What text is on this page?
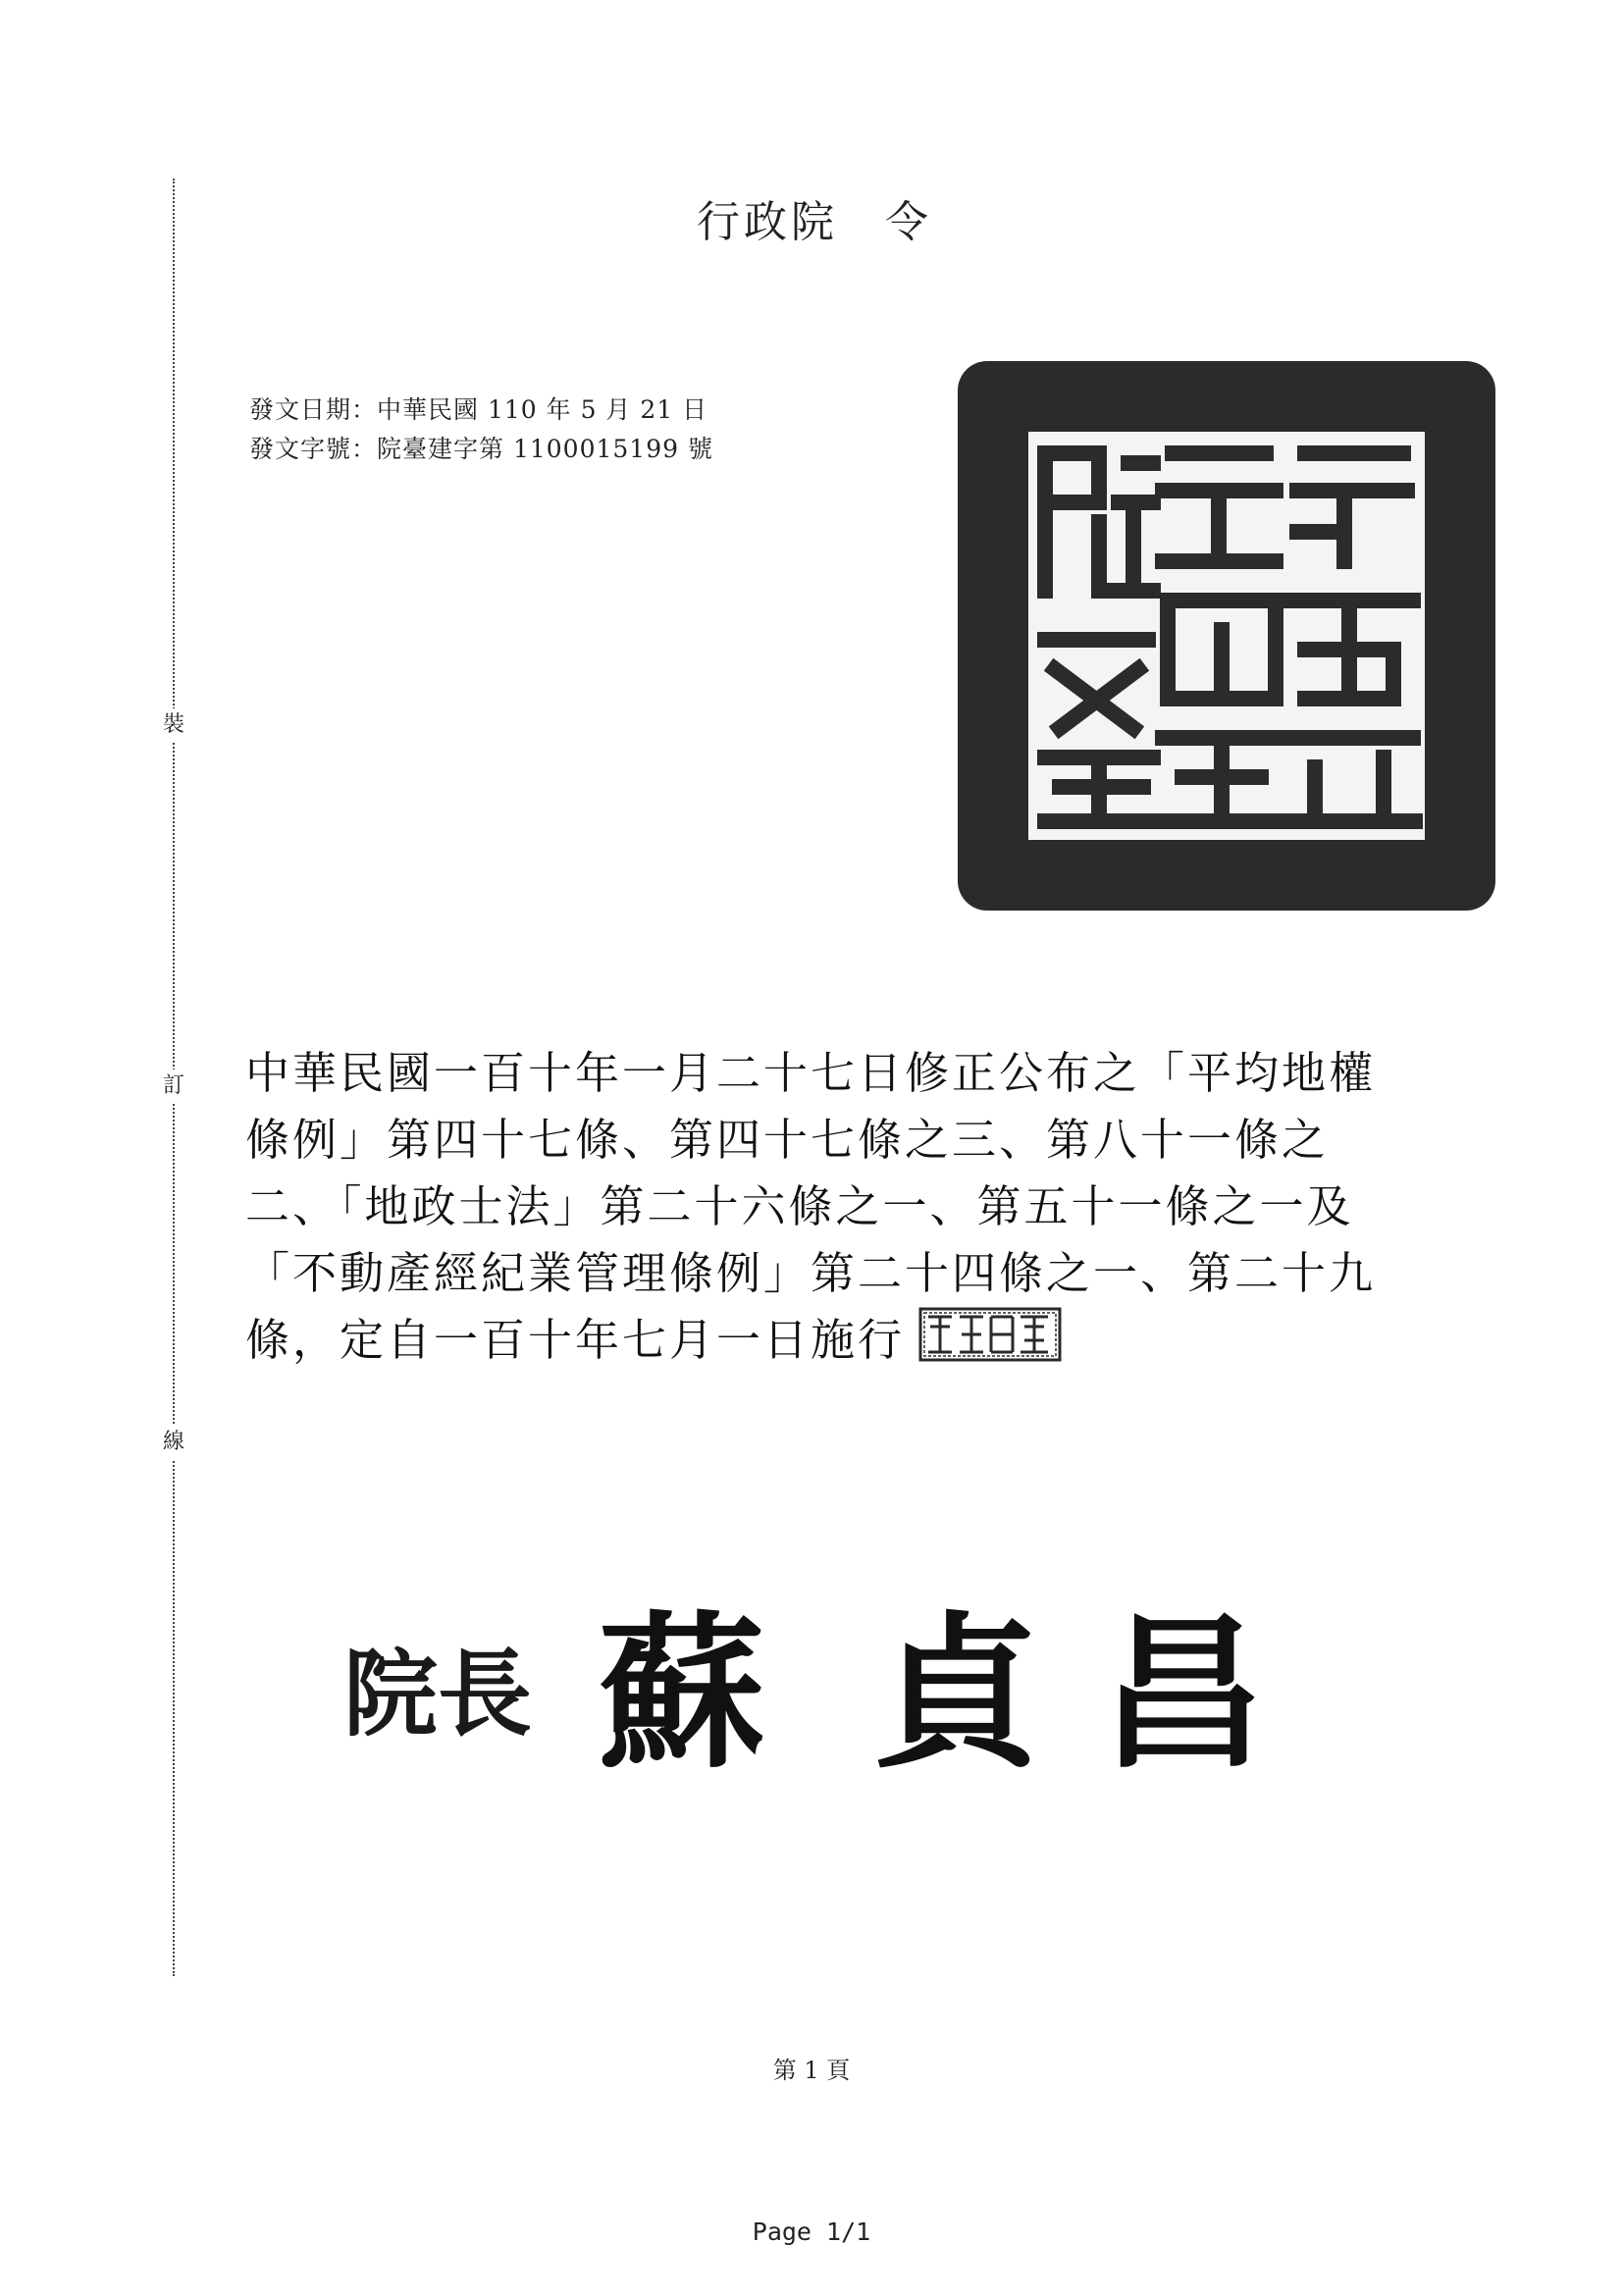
裝
訂
線
行政院 令
發文日期：中華民國 110 年 5 月 21 日
發文字號：院臺建字第 1100015199 號
中華民國一百十年一月二十七日修正公布之「平均地權條例」第四十七條、第四十七條之三、第八十一條之二、「地政士法」第二十六條之一、第五十一條之一及「不動產經紀業管理條例」第二十四條之一、第二十九條，定自一百十年七月一日施行
院長 蘇 貞 昌
第 1 頁
Page 1/1
